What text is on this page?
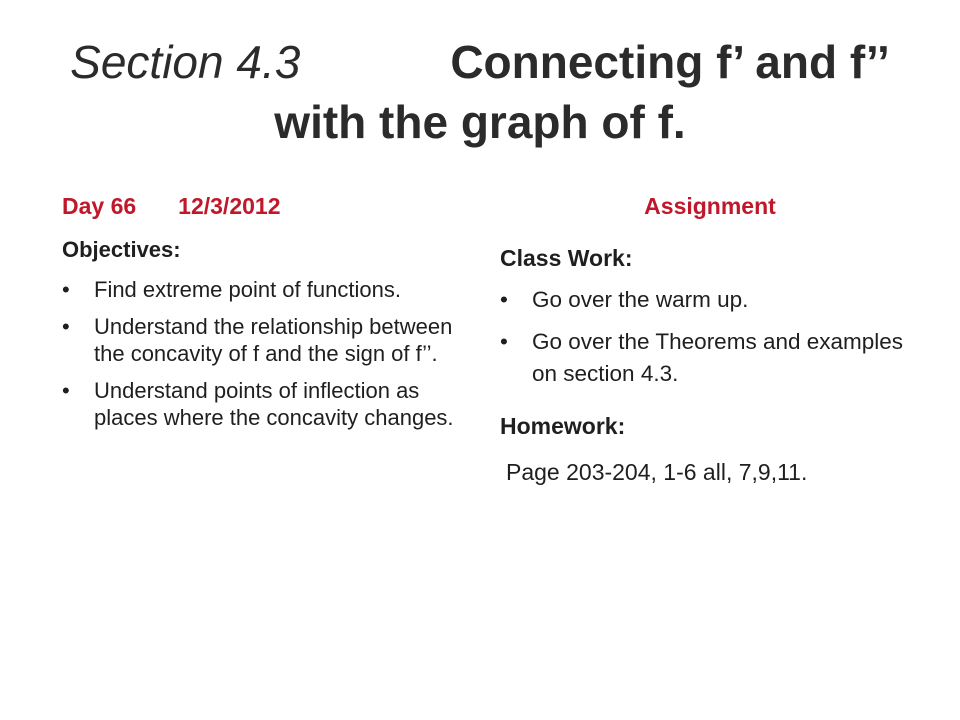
Section 4.3	Connecting f’ and f’’ with the graph of f.
Day 66 12/3/2012
Objectives:
• Find extreme point of functions.
• Understand the relationship between the concavity of f and the sign of f’’.
• Understand points of inflection as places where the concavity changes.
Assignment
Class Work:
• Go over the warm up.
• Go over the Theorems and examples on section 4.3.
Homework:
Page 203-204, 1-6 all, 7,9,11.
